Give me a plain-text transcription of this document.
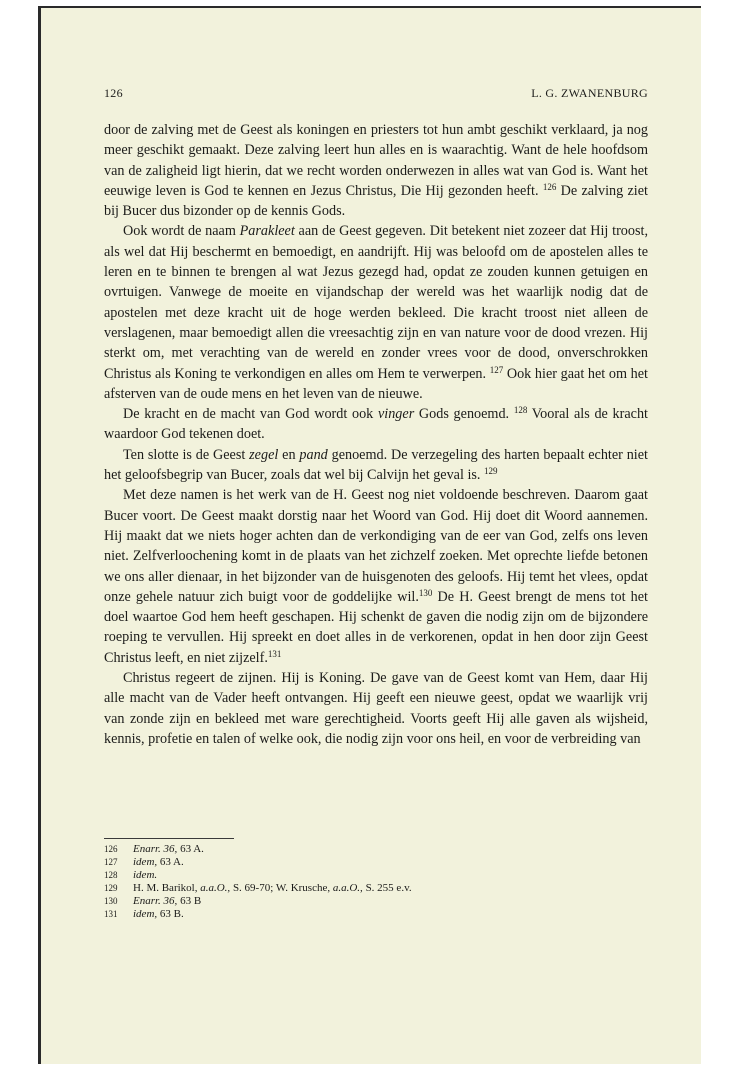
126	L. G. ZWANENBURG

door de zalving met de Geest als koningen en priesters tot hun ambt geschikt verklaard, ja nog meer geschikt gemaakt. Deze zalving leert hun alles en is waarachtig. Want de hele hoofdsom van de zaligheid ligt hierin, dat we recht worden onderwezen in alles wat van God is. Want het eeuwige leven is God te kennen en Jezus Christus, Die Hij gezonden heeft. $^{126}$ De zalving ziet bij Bucer dus bizonder op de kennis Gods.

Ook wordt de naam Parakleet aan de Geest gegeven. Dit betekent niet zozeer dat Hij troost, als wel dat Hij beschermt en bemoedigt, en aandrijft. Hij was beloofd om de apostelen alles te leren en te binnen te brengen al wat Jezus gezegd had, opdat ze zouden kunnen getuigen en ovrtuigen. Vanwege de moeite en vijandschap der wereld was het waarlijk nodig dat de apostelen met deze kracht uit de hoge werden bekleed. Die kracht troost niet alleen de verslagenen, maar bemoedigt allen die vreesachtig zijn en van nature voor de dood vrezen. Hij sterkt om, met verachting van de wereld en zonder vrees voor de dood, onverschrokken Christus als Koning te verkondigen en alles om Hem te verwerpen. $^{127}$ Ook hier gaat het om het afsterven van de oude mens en het leven van de nieuwe.

De kracht en de macht van God wordt ook vinger Gods genoemd. $^{128}$ Vooral als de kracht waardoor God tekenen doet.

Ten slotte is de Geest zegel en pand genoemd. De verzegeling des harten bepaalt echter niet het geloofsbegrip van Bucer, zoals dat wel bij Calvijn het geval is. $^{129}$

Met deze namen is het werk van de H. Geest nog niet voldoende beschreven. Daarom gaat Bucer voort. De Geest maakt dorstig naar het Woord van God. Hij doet dit Woord aannemen. Hij maakt dat we niets hoger achten dan de verkondiging van de eer van God, zelfs ons leven niet. Zelfverloochening komt in de plaats van het zichzelf zoeken. Met oprechte liefde betonen we ons aller dienaar, in het bijzonder van de huisgenoten des geloofs. Hij temt het vlees, opdat onze gehele natuur zich buigt voor de goddelijke wil.$^{130}$ De H. Geest brengt de mens tot het doel waartoe God hem heeft geschapen. Hij schenkt de gaven die nodig zijn om de bijzondere roeping te vervullen. Hij spreekt en doet alles in de verkorenen, opdat in hen door zijn Geest Christus leeft, en niet zijzelf.$^{131}$

Christus regeert de zijnen. Hij is Koning. De gave van de Geest komt van Hem, daar Hij alle macht van de Vader heeft ontvangen. Hij geeft een nieuwe geest, opdat we waarlijk vrij van zonde zijn en bekleed met ware gerechtigheid. Voorts geeft Hij alle gaven als wijsheid, kennis, profetie en talen of welke ook, die nodig zijn voor ons heil, en voor de verbreiding van

126	Enarr. 36, 63 A.
127	idem, 63 A.
128	idem.
129	H. M. Barikol, a.a.O., S. 69-70; W. Krusche, a.a.O., S. 255 e.v.
130	Enarr. 36, 63 B
131	idem, 63 B.
